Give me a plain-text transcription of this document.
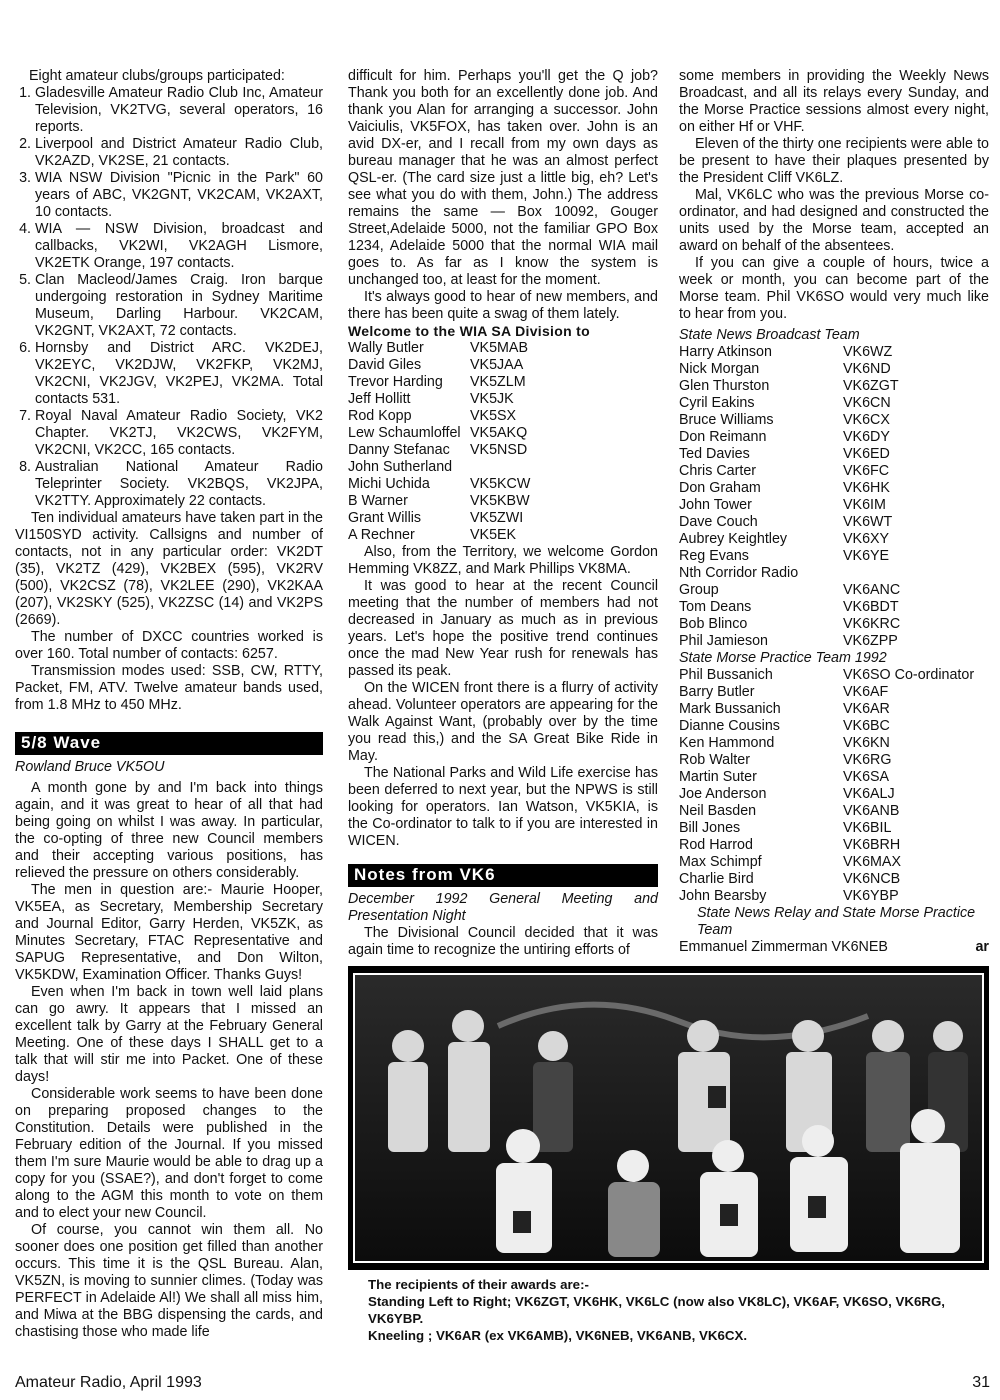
Eight amateur clubs/groups participated:

1. Gladesville Amateur Radio Club Inc, Amateur Television, VK2TVG, several operators, 16 reports.
2. Liverpool and District Amateur Radio Club, VK2AZD, VK2SE, 21 contacts.
3. WIA NSW Division "Picnic in the Park" 60 years of ABC, VK2GNT, VK2CAM, VK2AXT, 10 contacts.
4. WIA — NSW Division, broadcast and callbacks, VK2WI, VK2AGH Lismore, VK2ETK Orange, 197 contacts.
5. Clan Macleod/James Craig. Iron barque undergoing restoration in Sydney Maritime Museum, Darling Harbour. VK2CAM, VK2GNT, VK2AXT, 72 contacts.
6. Hornsby and District ARC. VK2DEJ, VK2EYC, VK2DJW, VK2FKP, VK2MJ, VK2CNI, VK2JGV, VK2PEJ, VK2MA. Total contacts 531.
7. Royal Naval Amateur Radio Society, VK2 Chapter. VK2TJ, VK2CWS, VK2FYM, VK2CNI, VK2CC, 165 contacts.
8. Australian National Amateur Radio Teleprinter Society. VK2BQS, VK2JPA, VK2TTY. Approximately 22 contacts.

Ten individual amateurs have taken part in the VI150SYD activity. Callsigns and number of contacts, not in any particular order: VK2DT (35), VK2TZ (429), VK2BEX (595), VK2RV (500), VK2CSZ (78), VK2LEE (290), VK2KAA (207), VK2SKY (525), VK2ZSC (14) and VK2PS (2669).

The number of DXCC countries worked is over 160. Total number of contacts: 6257.

Transmission modes used: SSB, CW, RTTY, Packet, FM, ATV. Twelve amateur bands used, from 1.8 MHz to 450 MHz.

5/8 Wave
Rowland Bruce VK5OU

A month gone by and I'm back into things again, and it was great to hear of all that had being going on whilst I was away. In particular, the co-opting of three new Council members and their accepting various positions, has relieved the pressure on others considerably.

The men in question are:- Maurie Hooper, VK5EA, as Secretary, Membership Secretary and Journal Editor, Garry Herden, VK5ZK, as Minutes Secretary, FTAC Representative and SAPUG Representative, and Don Wilton, VK5KDW, Examination Officer. Thanks Guys!

Even when I'm back in town well laid plans can go awry. It appears that I missed an excellent talk by Garry at the February General Meeting. One of these days I SHALL get to a talk that will stir me into Packet. One of these days!

Considerable work seems to have been done on preparing proposed changes to the Constitution. Details were published in the February edition of the Journal. If you missed them I'm sure Maurie would be able to drag up a copy for you (SSAE?), and don't forget to come along to the AGM this month to vote on them and to elect your new Council.

Of course, you cannot win them all. No sooner does one position get filled than another occurs. This time it is the QSL Bureau. Alan, VK5ZN, is moving to sunnier climes. (Today was PERFECT in Adelaide Al!) We shall all miss him, and Miwa at the BBG dispensing the cards, and chastising those who made life

difficult for him. Perhaps you'll get the Q job? Thank you both for an excellently done job. And thank you Alan for arranging a successor. John Vaiciulis, VK5FOX, has taken over. John is an avid DX-er, and I recall from my own days as bureau manager that he was an almost perfect QSL-er. (The card size just a little big, eh? Let's see what you do with them, John.) The address remains the same — Box 10092, Gouger Street,Adelaide 5000, not the familiar GPO Box 1234, Adelaide 5000 that the normal WIA mail goes to. As far as I know the system is unchanged too, at least for the moment.

It's always good to hear of new members, and there has been quite a swag of them lately.

Welcome to the WIA SA Division to
Wally Butler	VK5MAB
David Giles	VK5JAA
Trevor Harding	VK5ZLM
Jeff Hollitt	VK5JK
Rod Kopp	VK5SX
Lew Schaumloffel VK5AKQ
Danny Stefanac	VK5NSD
John Sutherland
Michi Uchida	VK5KCW
B Warner	VK5KBW
Grant Willis	VK5ZWI
A Rechner	VK5EK

Also, from the Territory, we welcome Gordon Hemming VK8ZZ, and Mark Phillips VK8MA.

It was good to hear at the recent Council meeting that the number of members had not decreased in January as much as in previous years. Let's hope the positive trend continues once the mad New Year rush for renewals has passed its peak.

On the WICEN front there is a flurry of activity ahead. Volunteer operators are appearing for the Walk Against Want, (probably over by the time you read this,) and the SA Great Bike Ride in May.

The National Parks and Wild Life exercise has been deferred to next year, but the NPWS is still looking for operators. Ian Watson, VK5KIA, is the Co-ordinator to talk to if you are interested in WICEN.

Notes from VK6
December 1992 General Meeting and Presentation Night

The Divisional Council decided that it was again time to recognize the untiring efforts of

some members in providing the Weekly News Broadcast, and all its relays every Sunday, and the Morse Practice sessions almost every night, on either Hf or VHF.

Eleven of the thirty one recipients were able to be present to have their plaques presented by the President Cliff VK6LZ.

Mal, VK6LC who was the previous Morse co-ordinator, and had designed and constructed the units used by the Morse team, accepted an award on behalf of the absentees.

If you can give a couple of hours, twice a week or month, you can become part of the Morse team. Phil VK6SO would very much like to hear from you.

State News Broadcast Team
Harry Atkinson	VK6WZ
Nick Morgan	VK6ND
Glen Thurston	VK6ZGT
Cyril Eakins	VK6CN
Bruce Williams	VK6CX
Don Reimann	VK6DY
Ted Davies	VK6ED
Chris Carter	VK6FC
Don Graham	VK6HK
John Tower	VK6IM
Dave Couch	VK6WT
Aubrey Keightley	VK6XY
Reg Evans	VK6YE
Nth Corridor Radio
Group	VK6ANC
Tom Deans	VK6BDT
Bob Blinco	VK6KRC
Phil Jamieson	VK6ZPP
State Morse Practice Team 1992
Phil Bussanich	VK6SO Co-ordinator
Barry Butler	VK6AF
Mark Bussanich	VK6AR
Dianne Cousins	VK6BC
Ken Hammond	VK6KN
Rob Walter	VK6RG
Martin Suter	VK6SA
Joe Anderson	VK6ALJ
Neil Basden	VK6ANB
Bill Jones	VK6BIL
Rod Harrod	VK6BRH
Max Schimpf	VK6MAX
Charlie Bird	VK6NCB
John Bearsby	VK6YBP
State News Relay and State Morse Practice Team
Emmanuel Zimmerman VK6NEB	ar
The recipients of their awards are:-
Standing Left to Right; VK6ZGT, VK6HK, VK6LC (now also VK8LC), VK6AF, VK6SO, VK6RG, VK6YBP.
Kneeling ; VK6AR (ex VK6AMB), VK6NEB, VK6ANB, VK6CX.
Amateur Radio, April 1993	31
